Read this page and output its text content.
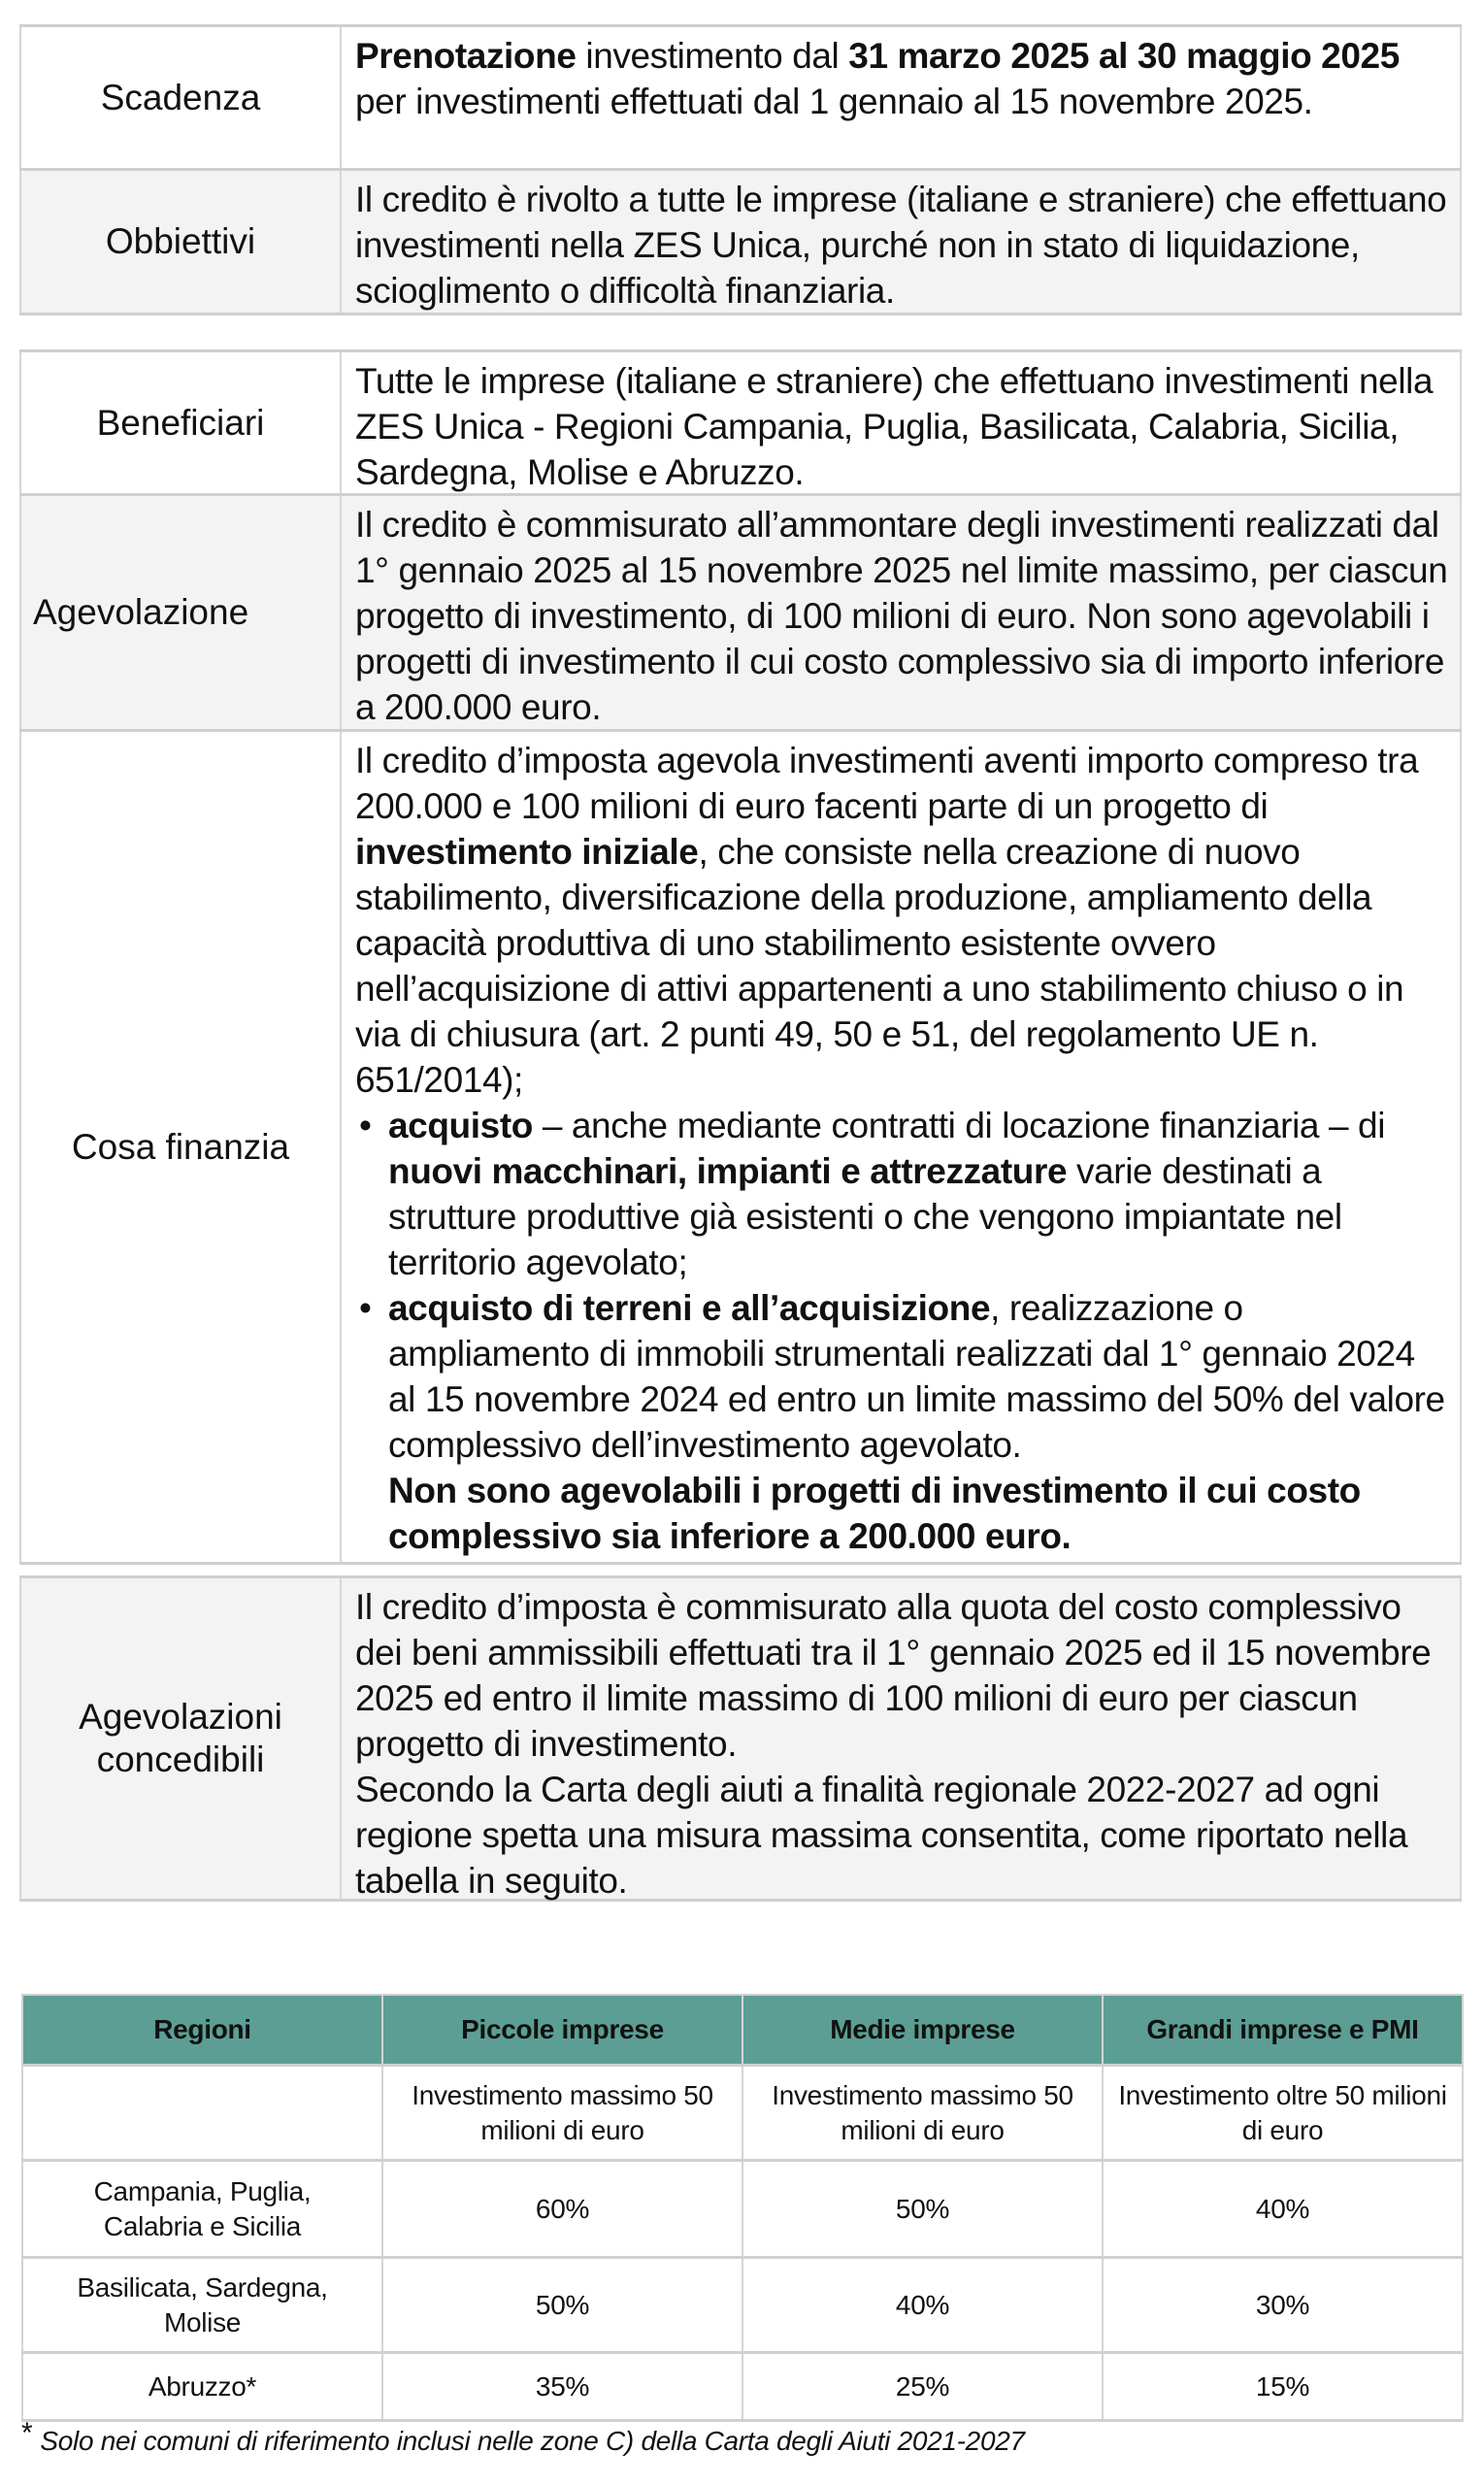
Scadenza
Prenotazione investimento dal 31 marzo 2025 al 30 maggio 2025 per investimenti effettuati dal 1 gennaio al 15 novembre 2025.
Obbiettivi
Il credito è rivolto a tutte le imprese (italiane e straniere) che effettuano investimenti nella ZES Unica, purché non in stato di liquidazione, scioglimento o difficoltà finanziaria.
Beneficiari
Tutte le imprese (italiane e straniere) che effettuano investimenti nella ZES Unica - Regioni Campania, Puglia, Basilicata, Calabria, Sicilia, Sardegna, Molise e Abruzzo.
Agevolazione
Il credito è commisurato all’ammontare degli investimenti realizzati dal 1° gennaio 2025 al 15 novembre 2025 nel limite massimo, per ciascun progetto di investimento, di 100 milioni di euro. Non sono agevolabili i progetti di investimento il cui costo complessivo sia di importo inferiore a 200.000 euro.
Cosa finanzia
Il credito d’imposta agevola investimenti aventi importo compreso tra 200.000 e 100 milioni di euro facenti parte di un progetto di investimento iniziale, che consiste nella creazione di nuovo stabilimento, diversificazione della produzione, ampliamento della capacità produttiva di uno stabilimento esistente ovvero nell’acquisizione di attivi appartenenti a uno stabilimento chiuso o in via di chiusura (art. 2 punti 49, 50 e 51, del regolamento UE n. 651/2014);
• acquisto – anche mediante contratti di locazione finanziaria – di nuovi macchinari, impianti e attrezzature varie destinati a strutture produttive già esistenti o che vengono impiantate nel territorio agevolato;
• acquisto di terreni e all’acquisizione, realizzazione o ampliamento di immobili strumentali realizzati dal 1° gennaio 2024 al 15 novembre 2024 ed entro un limite massimo del 50% del valore complessivo dell’investimento agevolato.
Non sono agevolabili i progetti di investimento il cui costo complessivo sia inferiore a 200.000 euro.
Agevolazioni concedibili
Il credito d’imposta è commisurato alla quota del costo complessivo dei beni ammissibili effettuati tra il 1° gennaio 2025 ed il 15 novembre 2025 ed entro il limite massimo di 100 milioni di euro per ciascun progetto di investimento.
Secondo la Carta degli aiuti a finalità regionale 2022-2027 ad ogni regione spetta una misura massima consentita, come riportato nella tabella in seguito.
Regioni	Piccole imprese	Medie imprese	Grandi imprese e PMI
	Investimento massimo 50 milioni di euro	Investimento massimo 50 milioni di euro	Investimento oltre 50 milioni di euro
Campania, Puglia, Calabria e Sicilia	60%	50%	40%
Basilicata, Sardegna, Molise	50%	40%	30%
Abruzzo*	35%	25%	15%
* Solo nei comuni di riferimento inclusi nelle zone C) della Carta degli Aiuti 2021-2027
